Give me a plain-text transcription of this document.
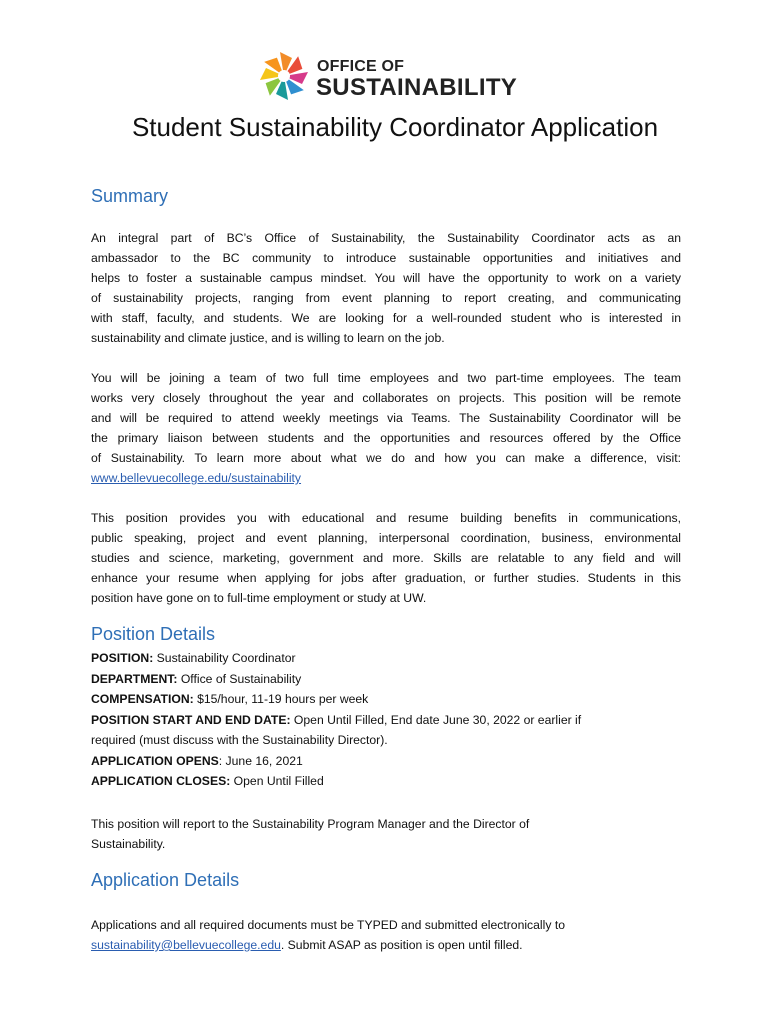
OFFICE OF
SUSTAINABILITY
Student Sustainability Coordinator Application
Summary
An integral part of BC’s Office of Sustainability, the Sustainability Coordinator acts as an
ambassador to the BC community to introduce sustainable opportunities and initiatives and
helps to foster a sustainable campus mindset. You will have the opportunity to work on a variety
of sustainability projects, ranging from event planning to report creating, and communicating
with staff, faculty, and students. We are looking for a well-rounded student who is interested in
sustainability and climate justice, and is willing to learn on the job.
You will be joining a team of two full time employees and two part-time employees. The team
works very closely throughout the year and collaborates on projects. This position will be remote
and will be required to attend weekly meetings via Teams. The Sustainability Coordinator will be
the primary liaison between students and the opportunities and resources offered by the Office
of Sustainability. To learn more about what we do and how you can make a difference, visit:
www.bellevuecollege.edu/sustainability
This position provides you with educational and resume building benefits in communications,
public speaking, project and event planning, interpersonal coordination, business, environmental
studies and science, marketing, government and more. Skills are relatable to any field and will
enhance your resume when applying for jobs after graduation, or further studies. Students in this
position have gone on to full-time employment or study at UW.
Position Details
POSITION: Sustainability Coordinator
DEPARTMENT: Office of Sustainability
COMPENSATION: $15/hour, 11-19 hours per week
POSITION START AND END DATE: Open Until Filled, End date June 30, 2022 or earlier if
required (must discuss with the Sustainability Director).
APPLICATION OPENS: June 16, 2021
APPLICATION CLOSES: Open Until Filled
This position will report to the Sustainability Program Manager and the Director of
Sustainability.
Application Details
Applications and all required documents must be TYPED and submitted electronically to
sustainability@bellevuecollege.edu. Submit ASAP as position is open until filled.
